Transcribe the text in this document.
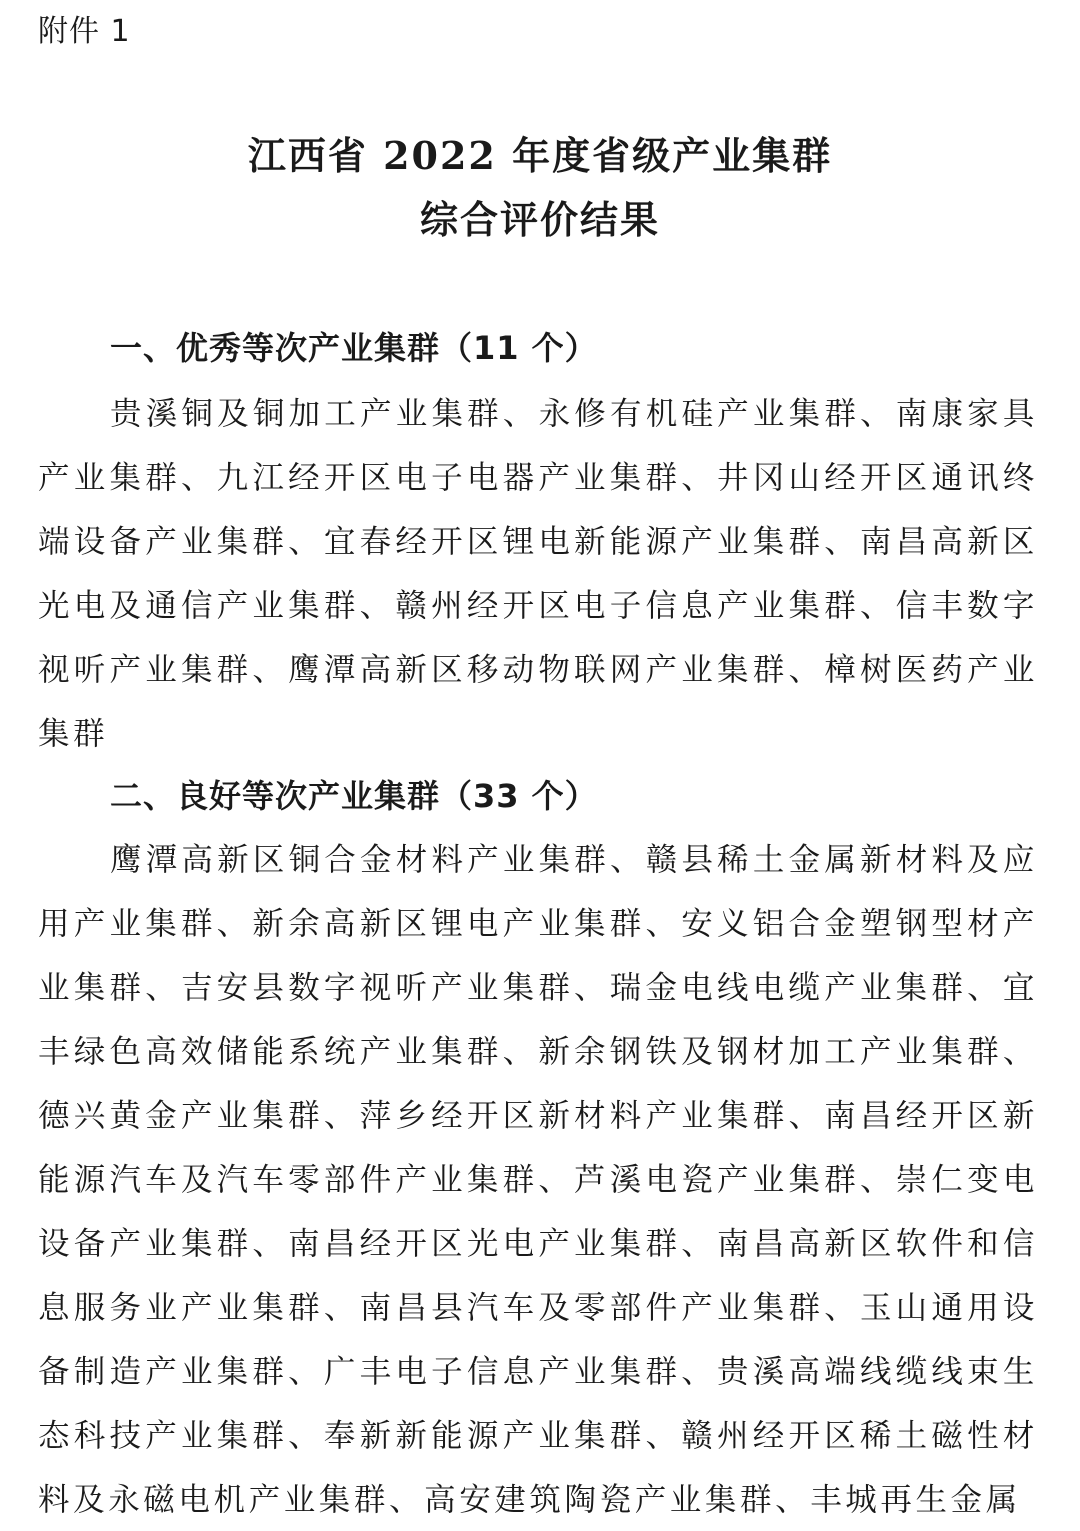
附件 1
江西省 2022 年度省级产业集群
综合评价结果
一、优秀等次产业集群（11 个）
贵溪铜及铜加工产业集群、永修有机硅产业集群、南康家具产业集群、九江经开区电子电器产业集群、井冈山经开区通讯终端设备产业集群、宜春经开区锂电新能源产业集群、南昌高新区光电及通信产业集群、赣州经开区电子信息产业集群、信丰数字视听产业集群、鹰潭高新区移动物联网产业集群、樟树医药产业集群
二、良好等次产业集群（33 个）
鹰潭高新区铜合金材料产业集群、赣县稀土金属新材料及应用产业集群、新余高新区锂电产业集群、安义铝合金塑钢型材产业集群、吉安县数字视听产业集群、瑞金电线电缆产业集群、宜丰绿色高效储能系统产业集群、新余钢铁及钢材加工产业集群、德兴黄金产业集群、萍乡经开区新材料产业集群、南昌经开区新能源汽车及汽车零部件产业集群、芦溪电瓷产业集群、崇仁变电设备产业集群、南昌经开区光电产业集群、南昌高新区软件和信息服务业产业集群、南昌县汽车及零部件产业集群、玉山通用设备制造产业集群、广丰电子信息产业集群、贵溪高端线缆线束生态科技产业集群、奉新新能源产业集群、赣州经开区稀土磁性材料及永磁电机产业集群、高安建筑陶瓷产业集群、丰城再生金属
